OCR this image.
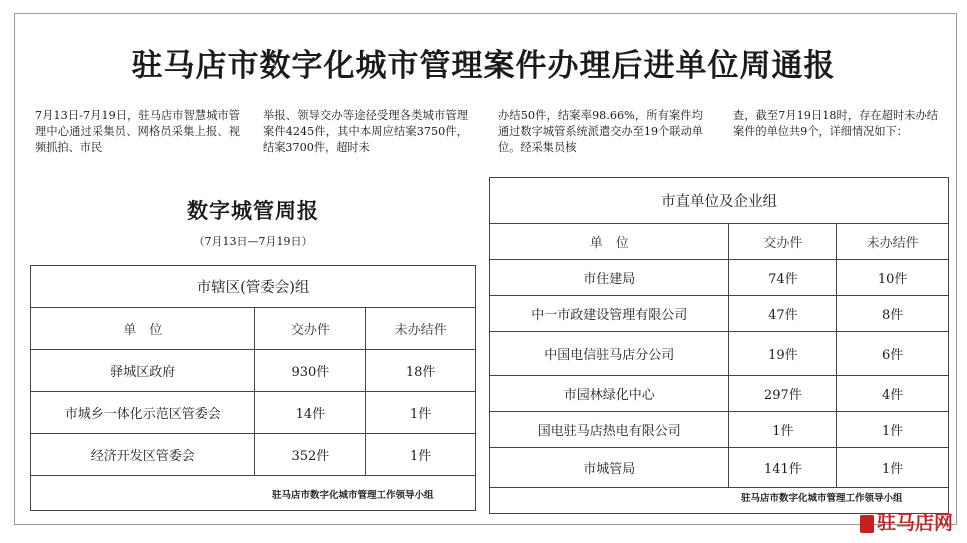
驻马店市数字化城市管理案件办理后进单位周通报
7月13日-7月19日，驻马店市智慧城市管理中心通过采集员、网格员采集上报、视频抓拍、市民
举报、领导交办等途径受理各类城市管理案件4245件，其中本周应结案3750件，结案3700件，超时未
办结50件，结案率98.66%，所有案件均通过数字城管系统派遣交办至19个联动单位。经采集员核
查，截至7月19日18时，存在超时未办结案件的单位共9个，详细情况如下：
数字城管周报
（7月13日—7月19日）
市辖区(管委会)组		
单　位	交办件	未办结件
驿城区政府	930件	18件
市城乡一体化示范区管委会	14件	1件
经济开发区管委会	352件	1件

驻马店市数字化城市管理工作领导小组
市直单位及企业组		
单　位	交办件	未办结件
市住建局	74件	10件
中一市政建设管理有限公司	47件	8件
中国电信驻马店分公司	19件	6件
市园林绿化中心	297件	4件
国电驻马店热电有限公司	1件	1件
市城管局	141件	1件

驻马店市数字化城市管理工作领导小组
驻马店网
